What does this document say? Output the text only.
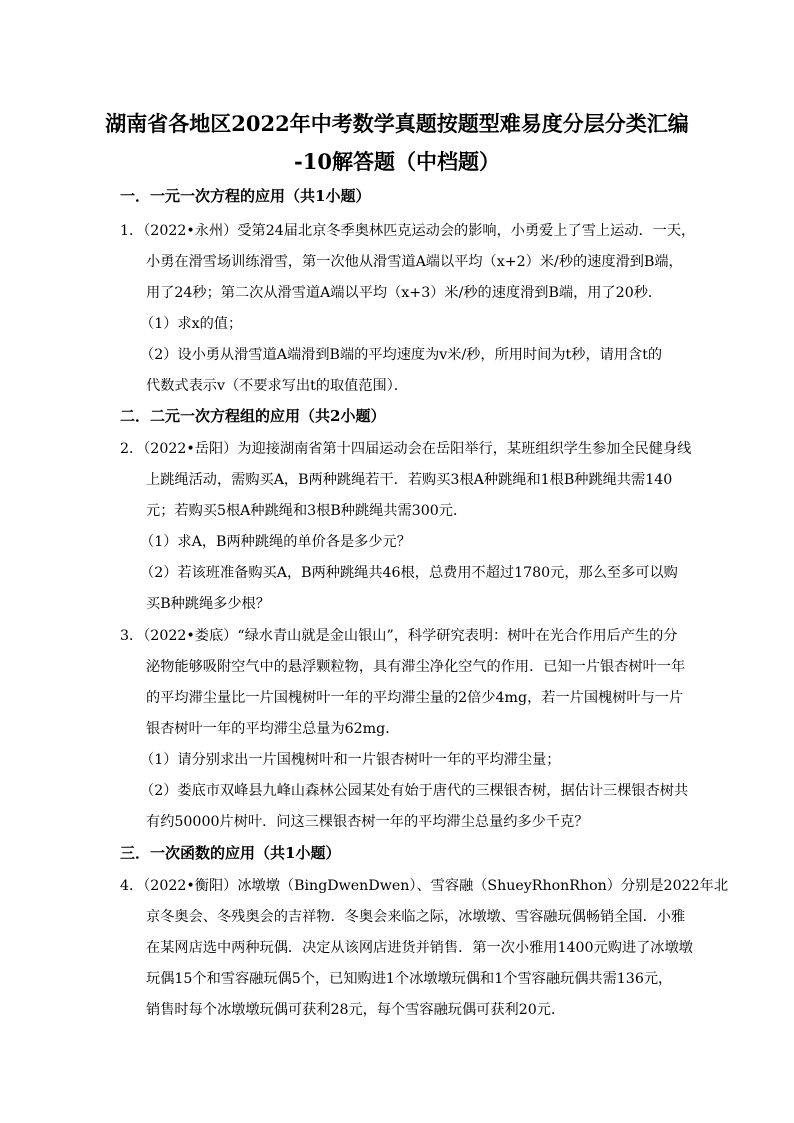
湖南省各地区2022年中考数学真题按题型难易度分层分类汇编
-10解答题（中档题）
一．一元一次方程的应用（共1小题）
1．（2022•永州）受第24届北京冬季奥林匹克运动会的影响，小勇爱上了雪上运动．一天，
小勇在滑雪场训练滑雪，第一次他从滑雪道A端以平均（x+2）米/秒的速度滑到B端，
用了24秒；第二次从滑雪道A端以平均（x+3）米/秒的速度滑到B端，用了20秒．
（1）求x的值；
（2）设小勇从滑雪道A端滑到B端的平均速度为v米/秒，所用时间为t秒，请用含t的
代数式表示v（不要求写出t的取值范围）．
二．二元一次方程组的应用（共2小题）
2．（2022•岳阳）为迎接湖南省第十四届运动会在岳阳举行，某班组织学生参加全民健身线
上跳绳活动，需购买A，B两种跳绳若干．若购买3根A种跳绳和1根B种跳绳共需140
元；若购买5根A种跳绳和3根B种跳绳共需300元．
（1）求A，B两种跳绳的单价各是多少元？
（2）若该班准备购买A，B两种跳绳共46根，总费用不超过1780元，那么至多可以购
买B种跳绳多少根？
3．（2022•娄底）“绿水青山就是金山银山”，科学研究表明：树叶在光合作用后产生的分
泌物能够吸附空气中的悬浮颗粒物，具有滞尘净化空气的作用．已知一片银杏树叶一年
的平均滞尘量比一片国槐树叶一年的平均滞尘量的2倍少4mg，若一片国槐树叶与一片
银杏树叶一年的平均滞尘总量为62mg．
（1）请分别求出一片国槐树叶和一片银杏树叶一年的平均滞尘量；
（2）娄底市双峰县九峰山森林公园某处有始于唐代的三棵银杏树，据估计三棵银杏树共
有约50000片树叶．问这三棵银杏树一年的平均滞尘总量约多少千克？
三．一次函数的应用（共1小题）
4．（2022•衡阳）冰墩墩（BingDwenDwen）、雪容融（ShueyRhonRhon）分别是2022年北
京冬奥会、冬残奥会的吉祥物．冬奥会来临之际，冰墩墩、雪容融玩偶畅销全国．小雅
在某网店选中两种玩偶．决定从该网店进货并销售．第一次小雅用1400元购进了冰墩墩
玩偶15个和雪容融玩偶5个，已知购进1个冰墩墩玩偶和1个雪容融玩偶共需136元，
销售时每个冰墩墩玩偶可获利28元，每个雪容融玩偶可获利20元．
